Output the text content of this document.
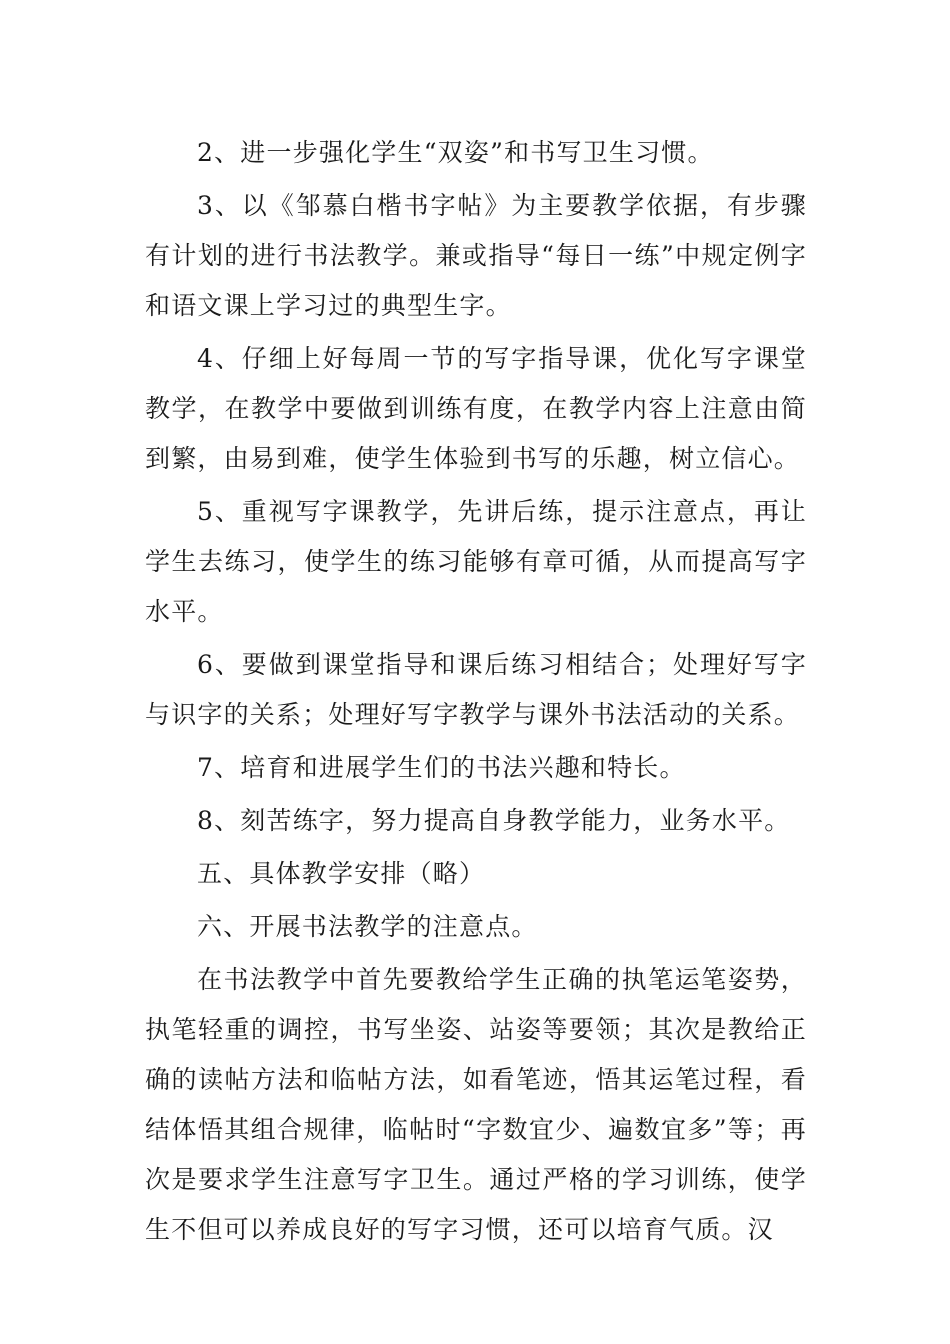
2、进一步强化学生“双姿”和书写卫生习惯。

3、以《邹慕白楷书字帖》为主要教学依据，有步骤有计划的进行书法教学。兼或指导“每日一练”中规定例字和语文课上学习过的典型生字。

4、仔细上好每周一节的写字指导课，优化写字课堂教学，在教学中要做到训练有度，在教学内容上注意由简到繁，由易到难，使学生体验到书写的乐趣，树立信心。

5、重视写字课教学，先讲后练，提示注意点，再让学生去练习，使学生的练习能够有章可循，从而提高写字水平。

6、要做到课堂指导和课后练习相结合；处理好写字与识字的关系；处理好写字教学与课外书法活动的关系。

7、培育和进展学生们的书法兴趣和特长。

8、刻苦练字，努力提高自身教学能力，业务水平。

五、具体教学安排（略）

六、开展书法教学的注意点。

在书法教学中首先要教给学生正确的执笔运笔姿势，执笔轻重的调控，书写坐姿、站姿等要领；其次是教给正确的读帖方法和临帖方法，如看笔迹，悟其运笔过程，看结体悟其组合规律，临帖时“字数宜少、遍数宜多”等；再次是要求学生注意写字卫生。通过严格的学习训练，使学生不但可以养成良好的写字习惯，还可以培育气质。汉
